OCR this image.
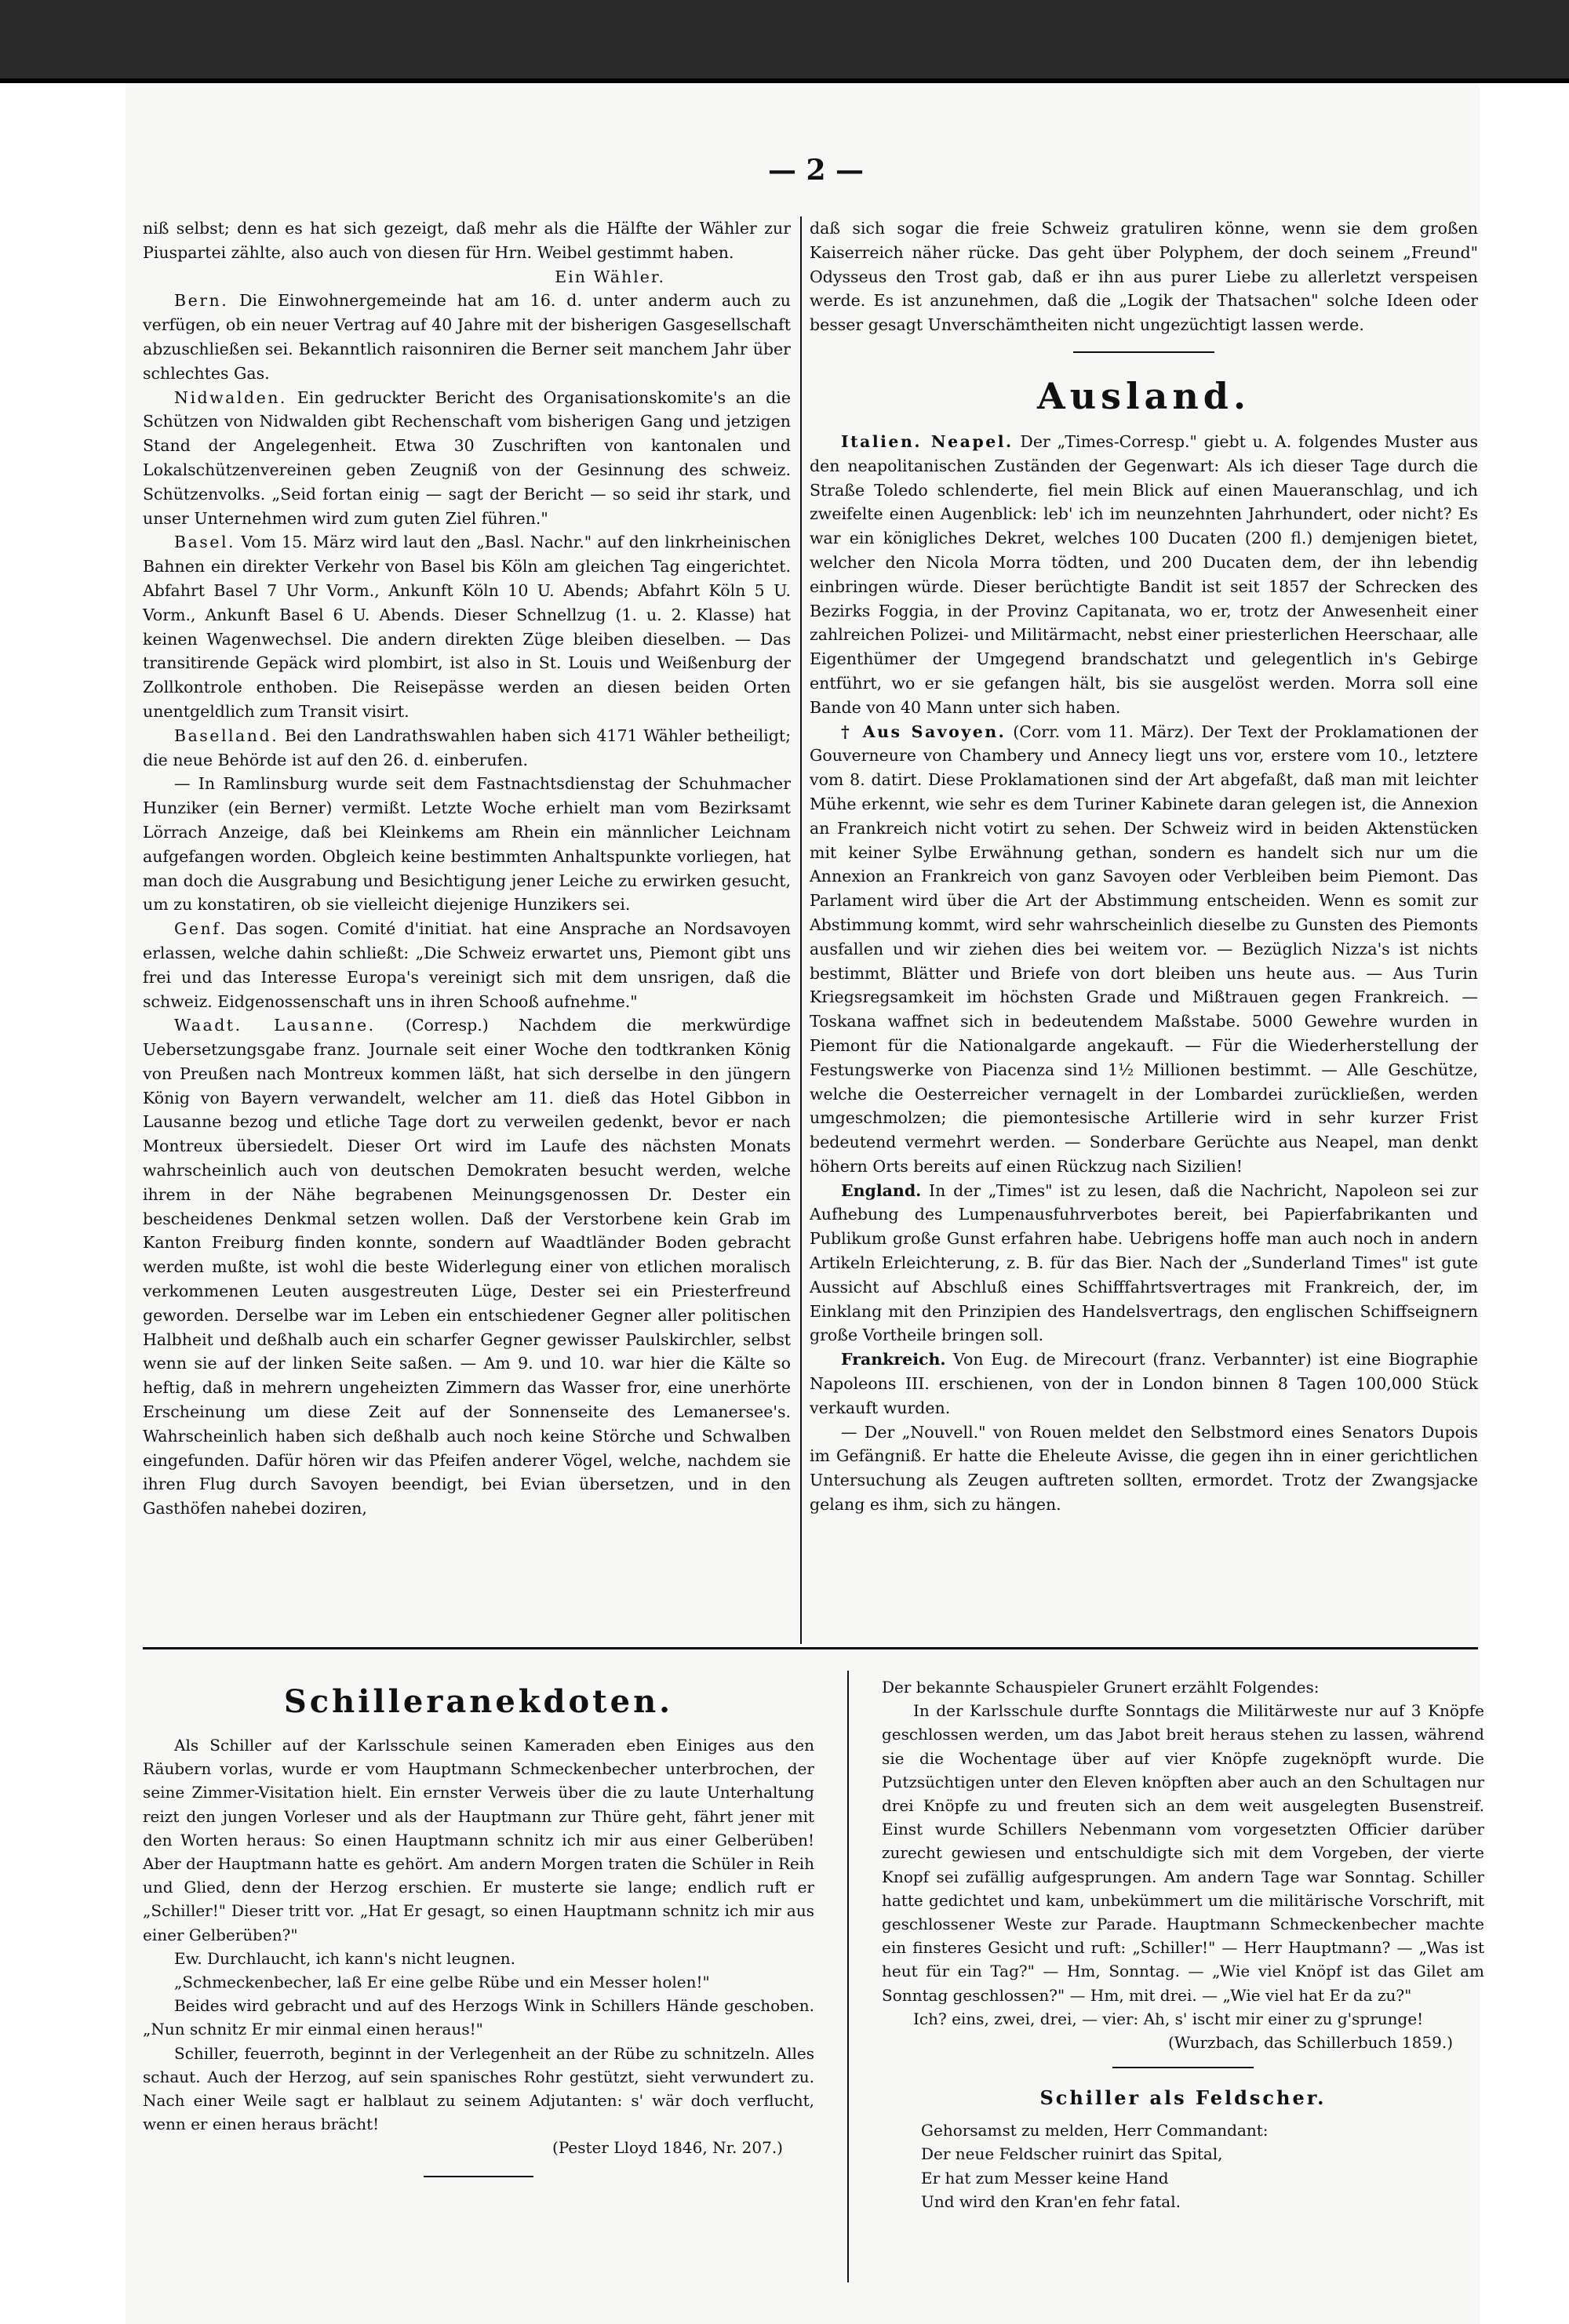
— 2 —

niß selbst; denn es hat sich gezeigt, daß mehr als die Hälfte der Wähler zur Piuspartei zählte, also auch von diesen für Hrn. Weibel gestimmt haben.

Ein Wähler.

Bern. Die Einwohnergemeinde hat am 16. d. unter anderm auch zu verfügen, ob ein neuer Vertrag auf 40 Jahre mit der bisherigen Gasgesellschaft abzuschließen sei. Bekanntlich raisonniren die Berner seit manchem Jahr über schlechtes Gas.

Nidwalden. Ein gedruckter Bericht des Organisationskomite's an die Schützen von Nidwalden gibt Rechenschaft vom bisherigen Gang und jetzigen Stand der Angelegenheit. Etwa 30 Zuschriften von kantonalen und Lokalschützenvereinen geben Zeugniß von der Gesinnung des schweiz. Schützenvolks. „Seid fortan einig — sagt der Bericht — so seid ihr stark, und unser Unternehmen wird zum guten Ziel führen."

Basel. Vom 15. März wird laut den „Basl. Nachr." auf den linkrheinischen Bahnen ein direkter Verkehr von Basel bis Köln am gleichen Tag eingerichtet. Abfahrt Basel 7 Uhr Vorm., Ankunft Köln 10 U. Abends; Abfahrt Köln 5 U. Vorm., Ankunft Basel 6 U. Abends. Dieser Schnellzug (1. u. 2. Klasse) hat keinen Wagenwechsel. Die andern direkten Züge bleiben dieselben. — Das transitirende Gepäck wird plombirt, ist also in St. Louis und Weißenburg der Zollkontrole enthoben. Die Reisepässe werden an diesen beiden Orten unentgeldlich zum Transit visirt.

Baselland. Bei den Landrathswahlen haben sich 4171 Wähler betheiligt; die neue Behörde ist auf den 26. d. einberufen.

— In Ramlinsburg wurde seit dem Fastnachtsdienstag der Schuhmacher Hunziker (ein Berner) vermißt. Letzte Woche erhielt man vom Bezirksamt Lörrach Anzeige, daß bei Kleinkems am Rhein ein männlicher Leichnam aufgefangen worden. Obgleich keine bestimmten Anhaltspunkte vorliegen, hat man doch die Ausgrabung und Besichtigung jener Leiche zu erwirken gesucht, um zu konstatiren, ob sie vielleicht diejenige Hunzikers sei.

Genf. Das sogen. Comité d'initiat. hat eine Ansprache an Nordsavoyen erlassen, welche dahin schließt: „Die Schweiz erwartet uns, Piemont gibt uns frei und das Interesse Europa's vereinigt sich mit dem unsrigen, daß die schweiz. Eidgenossenschaft uns in ihren Schooß aufnehme."

Waadt. Lausanne. (Corresp.) Nachdem die merkwürdige Uebersetzungsgabe franz. Journale seit einer Woche den todtkranken König von Preußen nach Montreux kommen läßt, hat sich derselbe in den jüngern König von Bayern verwandelt, welcher am 11. dieß das Hotel Gibbon in Lausanne bezog und etliche Tage dort zu verweilen gedenkt, bevor er nach Montreux übersiedelt. Dieser Ort wird im Laufe des nächsten Monats wahrscheinlich auch von deutschen Demokraten besucht werden, welche ihrem in der Nähe begrabenen Meinungsgenossen Dr. Dester ein bescheidenes Denkmal setzen wollen. Daß der Verstorbene kein Grab im Kanton Freiburg finden konnte, sondern auf Waadtländer Boden gebracht werden mußte, ist wohl die beste Widerlegung einer von etlichen moralisch verkommenen Leuten ausgestreuten Lüge, Dester sei ein Priesterfreund geworden. Derselbe war im Leben ein entschiedener Gegner aller politischen Halbheit und deßhalb auch ein scharfer Gegner gewisser Paulskirchler, selbst wenn sie auf der linken Seite saßen. — Am 9. und 10. war hier die Kälte so heftig, daß in mehrern ungeheizten Zimmern das Wasser fror, eine unerhörte Erscheinung um diese Zeit auf der Sonnenseite des Lemanersee's. Wahrscheinlich haben sich deßhalb auch noch keine Störche und Schwalben eingefunden. Dafür hören wir das Pfeifen anderer Vögel, welche, nachdem sie ihren Flug durch Savoyen beendigt, bei Evian übersetzen, und in den Gasthöfen nahebei doziren,

daß sich sogar die freie Schweiz gratuliren könne, wenn sie dem großen Kaiserreich näher rücke. Das geht über Polyphem, der doch seinem „Freund" Odysseus den Trost gab, daß er ihn aus purer Liebe zu allerletzt verspeisen werde. Es ist anzunehmen, daß die „Logik der Thatsachen" solche Ideen oder besser gesagt Unverschämtheiten nicht ungezüchtigt lassen werde.

Ausland.

Italien. Neapel. Der „Times-Corresp." giebt u. A. folgendes Muster aus den neapolitanischen Zuständen der Gegenwart: Als ich dieser Tage durch die Straße Toledo schlenderte, fiel mein Blick auf einen Maueranschlag, und ich zweifelte einen Augenblick: leb' ich im neunzehnten Jahrhundert, oder nicht? Es war ein königliches Dekret, welches 100 Ducaten (200 fl.) demjenigen bietet, welcher den Nicola Morra tödten, und 200 Ducaten dem, der ihn lebendig einbringen würde. Dieser berüchtigte Bandit ist seit 1857 der Schrecken des Bezirks Foggia, in der Provinz Capitanata, wo er, trotz der Anwesenheit einer zahlreichen Polizei- und Militärmacht, nebst einer priesterlichen Heerschaar, alle Eigenthümer der Umgegend brandschatzt und gelegentlich in's Gebirge entführt, wo er sie gefangen hält, bis sie ausgelöst werden. Morra soll eine Bande von 40 Mann unter sich haben.

† Aus Savoyen. (Corr. vom 11. März). Der Text der Proklamationen der Gouverneure von Chambery und Annecy liegt uns vor, erstere vom 10., letztere vom 8. datirt. Diese Proklamationen sind der Art abgefaßt, daß man mit leichter Mühe erkennt, wie sehr es dem Turiner Kabinete daran gelegen ist, die Annexion an Frankreich nicht votirt zu sehen. Der Schweiz wird in beiden Aktenstücken mit keiner Sylbe Erwähnung gethan, sondern es handelt sich nur um die Annexion an Frankreich von ganz Savoyen oder Verbleiben beim Piemont. Das Parlament wird über die Art der Abstimmung entscheiden. Wenn es somit zur Abstimmung kommt, wird sehr wahrscheinlich dieselbe zu Gunsten des Piemonts ausfallen und wir ziehen dies bei weitem vor. — Bezüglich Nizza's ist nichts bestimmt, Blätter und Briefe von dort bleiben uns heute aus. — Aus Turin Kriegsregsamkeit im höchsten Grade und Mißtrauen gegen Frankreich. — Toskana waffnet sich in bedeutendem Maßstabe. 5000 Gewehre wurden in Piemont für die Nationalgarde angekauft. — Für die Wiederherstellung der Festungswerke von Piacenza sind 1½ Millionen bestimmt. — Alle Geschütze, welche die Oesterreicher vernagelt in der Lombardei zurückließen, werden umgeschmolzen; die piemontesische Artillerie wird in sehr kurzer Frist bedeutend vermehrt werden. — Sonderbare Gerüchte aus Neapel, man denkt höhern Orts bereits auf einen Rückzug nach Sizilien!

England. In der „Times" ist zu lesen, daß die Nachricht, Napoleon sei zur Aufhebung des Lumpenausfuhrverbotes bereit, bei Papierfabrikanten und Publikum große Gunst erfahren habe. Uebrigens hoffe man auch noch in andern Artikeln Erleichterung, z. B. für das Bier. Nach der „Sunderland Times" ist gute Aussicht auf Abschluß eines Schifffahrtsvertrages mit Frankreich, der, im Einklang mit den Prinzipien des Handelsvertrags, den englischen Schiffseignern große Vortheile bringen soll.

Frankreich. Von Eug. de Mirecourt (franz. Verbannter) ist eine Biographie Napoleons III. erschienen, von der in London binnen 8 Tagen 100,000 Stück verkauft wurden.

— Der „Nouvell." von Rouen meldet den Selbstmord eines Senators Dupois im Gefängniß. Er hatte die Eheleute Avisse, die gegen ihn in einer gerichtlichen Untersuchung als Zeugen auftreten sollten, ermordet. Trotz der Zwangsjacke gelang es ihm, sich zu hängen.

Schilleranekdoten.

Als Schiller auf der Karlsschule seinen Kameraden eben Einiges aus den Räubern vorlas, wurde er vom Hauptmann Schmeckenbecher unterbrochen, der seine Zimmer-Visitation hielt. Ein ernster Verweis über die zu laute Unterhaltung reizt den jungen Vorleser und als der Hauptmann zur Thüre geht, fährt jener mit den Worten heraus: So einen Hauptmann schnitz ich mir aus einer Gelberüben! Aber der Hauptmann hatte es gehört. Am andern Morgen traten die Schüler in Reih und Glied, denn der Herzog erschien. Er musterte sie lange; endlich ruft er „Schiller!" Dieser tritt vor. „Hat Er gesagt, so einen Hauptmann schnitz ich mir aus einer Gelberüben?"

Ew. Durchlaucht, ich kann's nicht leugnen.

„Schmeckenbecher, laß Er eine gelbe Rübe und ein Messer holen!"

Beides wird gebracht und auf des Herzogs Wink in Schillers Hände geschoben. „Nun schnitz Er mir einmal einen heraus!"

Schiller, feuerroth, beginnt in der Verlegenheit an der Rübe zu schnitzeln. Alles schaut. Auch der Herzog, auf sein spanisches Rohr gestützt, sieht verwundert zu. Nach einer Weile sagt er halblaut zu seinem Adjutanten: s' wär doch verflucht, wenn er einen heraus brächt!

(Pester Lloyd 1846, Nr. 207.)

Der bekannte Schauspieler Grunert erzählt Folgendes:

In der Karlsschule durfte Sonntags die Militärweste nur auf 3 Knöpfe geschlossen werden, um das Jabot breit heraus stehen zu lassen, während sie die Wochentage über auf vier Knöpfe zugeknöpft wurde. Die Putzsüchtigen unter den Eleven knöpften aber auch an den Schultagen nur drei Knöpfe zu und freuten sich an dem weit ausgelegten Busenstreif. Einst wurde Schillers Nebenmann vom vorgesetzten Officier darüber zurecht gewiesen und entschuldigte sich mit dem Vorgeben, der vierte Knopf sei zufällig aufgesprungen. Am andern Tage war Sonntag. Schiller hatte gedichtet und kam, unbekümmert um die militärische Vorschrift, mit geschlossener Weste zur Parade. Hauptmann Schmeckenbecher machte ein finsteres Gesicht und ruft: „Schiller!" — Herr Hauptmann? — „Was ist heut für ein Tag?" — Hm, Sonntag. — „Wie viel Knöpf ist das Gilet am Sonntag geschlossen?" — Hm, mit drei. — „Wie viel hat Er da zu?"

Ich? eins, zwei, drei, — vier: Ah, s' ischt mir einer zu g'sprunge!

(Wurzbach, das Schillerbuch 1859.)

Schiller als Feldscher.

Gehorsamst zu melden, Herr Commandant:

Der neue Feldscher ruinirt das Spital,

Er hat zum Messer keine Hand

Und wird den Kran'en fehr fatal.
